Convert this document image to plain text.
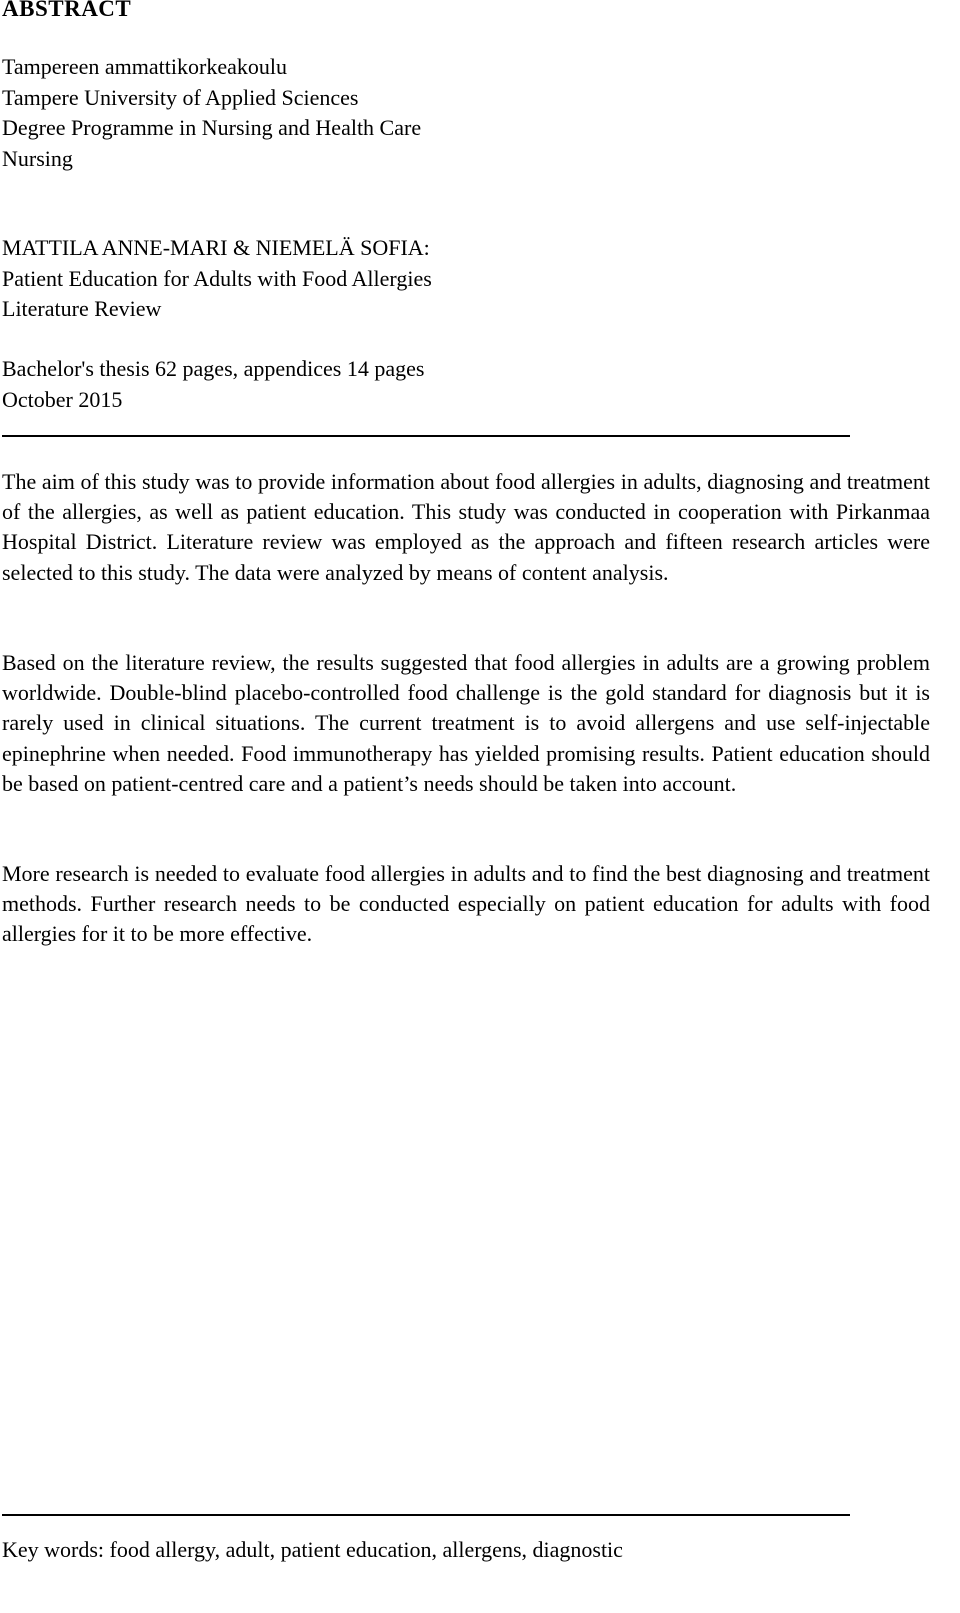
ABSTRACT
Tampereen ammattikorkeakoulu
Tampere University of Applied Sciences
Degree Programme in Nursing and Health Care
Nursing
MATTILA ANNE-MARI & NIEMELÄ SOFIA:
Patient Education for Adults with Food Allergies
Literature Review
Bachelor's thesis 62 pages, appendices 14 pages
October 2015

The aim of this study was to provide information about food allergies in adults, diagnosing and treatment of the allergies, as well as patient education. This study was conducted in cooperation with Pirkanmaa Hospital District. Literature review was employed as the approach and fifteen research articles were selected to this study. The data were analyzed by means of content analysis.

Based on the literature review, the results suggested that food allergies in adults are a growing problem worldwide. Double-blind placebo-controlled food challenge is the gold standard for diagnosis but it is rarely used in clinical situations. The current treatment is to avoid allergens and use self-injectable epinephrine when needed. Food immunotherapy has yielded promising results. Patient education should be based on patient-centred care and a patient’s needs should be taken into account.

More research is needed to evaluate food allergies in adults and to find the best diagnosing and treatment methods. Further research needs to be conducted especially on patient education for adults with food allergies for it to be more effective.

Key words: food allergy, adult, patient education, allergens, diagnostic
